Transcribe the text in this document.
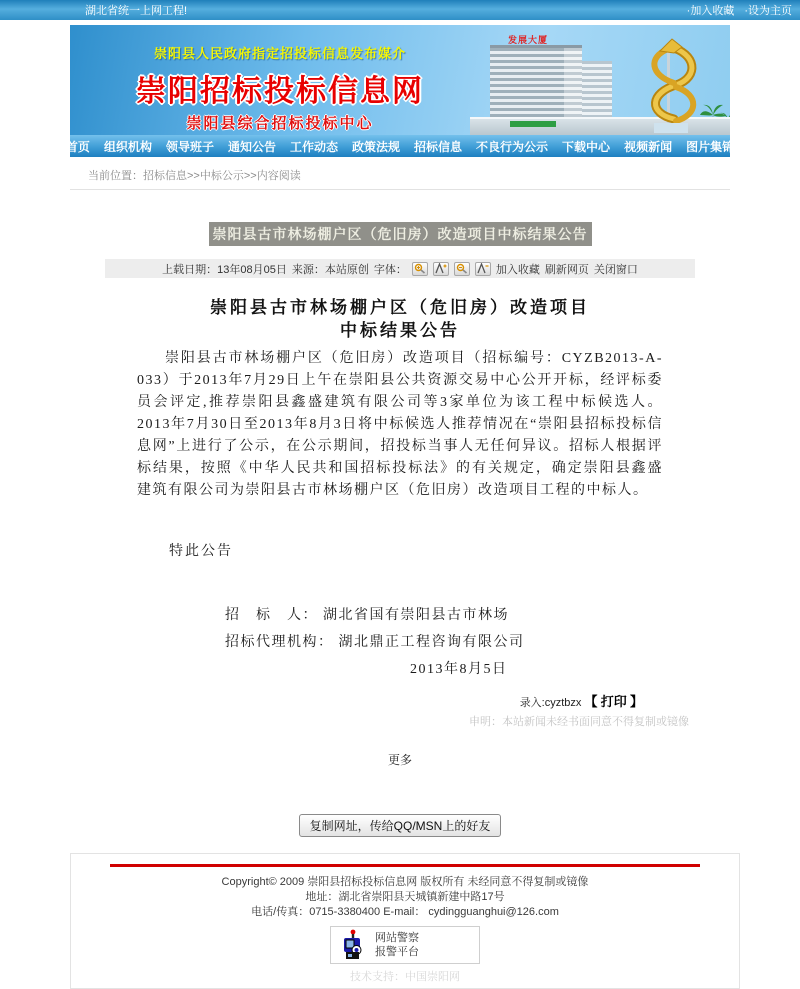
湖北省统一上网工程!	·加入收藏 ·设为主页
崇阳县人民政府指定招投标信息发布媒介
崇阳招标投标信息网
崇阳县综合招标投标中心
发展大厦
首页 组织机构 领导班子 通知公告 工作动态 政策法规 招标信息 不良行为公示 下载中心 视频新闻 图片集锦
当前位置：招标信息>>中标公示>>内容阅读
崇阳县古市林场棚户区（危旧房）改造项目中标结果公告
上载日期：13年08月05日 来源：本站原创 字体：	加入收藏 刷新网页 关闭窗口
崇阳县古市林场棚户区（危旧房）改造项目
中标结果公告

崇阳县古市林场棚户区（危旧房）改造项目（招标编号：CYZB2013-A-033）于2013年7月29日上午在崇阳县公共资源交易中心公开开标，经评标委员会评定,推荐崇阳县鑫盛建筑有限公司等3家单位为该工程中标候选人。2013年7月30日至2013年8月3日将中标候选人推荐情况在“崇阳县招标投标信息网”上进行了公示，在公示期间，招投标当事人无任何异议。招标人根据评标结果，按照《中华人民共和国招标投标法》的有关规定，确定崇阳县鑫盛建筑有限公司为崇阳县古市林场棚户区（危旧房）改造项目工程的中标人。

特此公告
招　标　人： 湖北省国有崇阳县古市林场
招标代理机构： 湖北鼎正工程咨询有限公司
2013年8月5日
录入:cyztbzx 【 打印 】
申明：本站新闻未经书面同意不得复制或镜像
更多
复制网址，传给QQ/MSN上的好友
Copyright© 2009 崇阳县招标投标信息网 版权所有 未经同意不得复制或镜像
地址：湖北省崇阳县天城镇新建中路17号
电话/传真：0715-3380400 E-mail： cydingguanghui@126.com
网站警察
报警平台
技术支持：中国崇阳网
